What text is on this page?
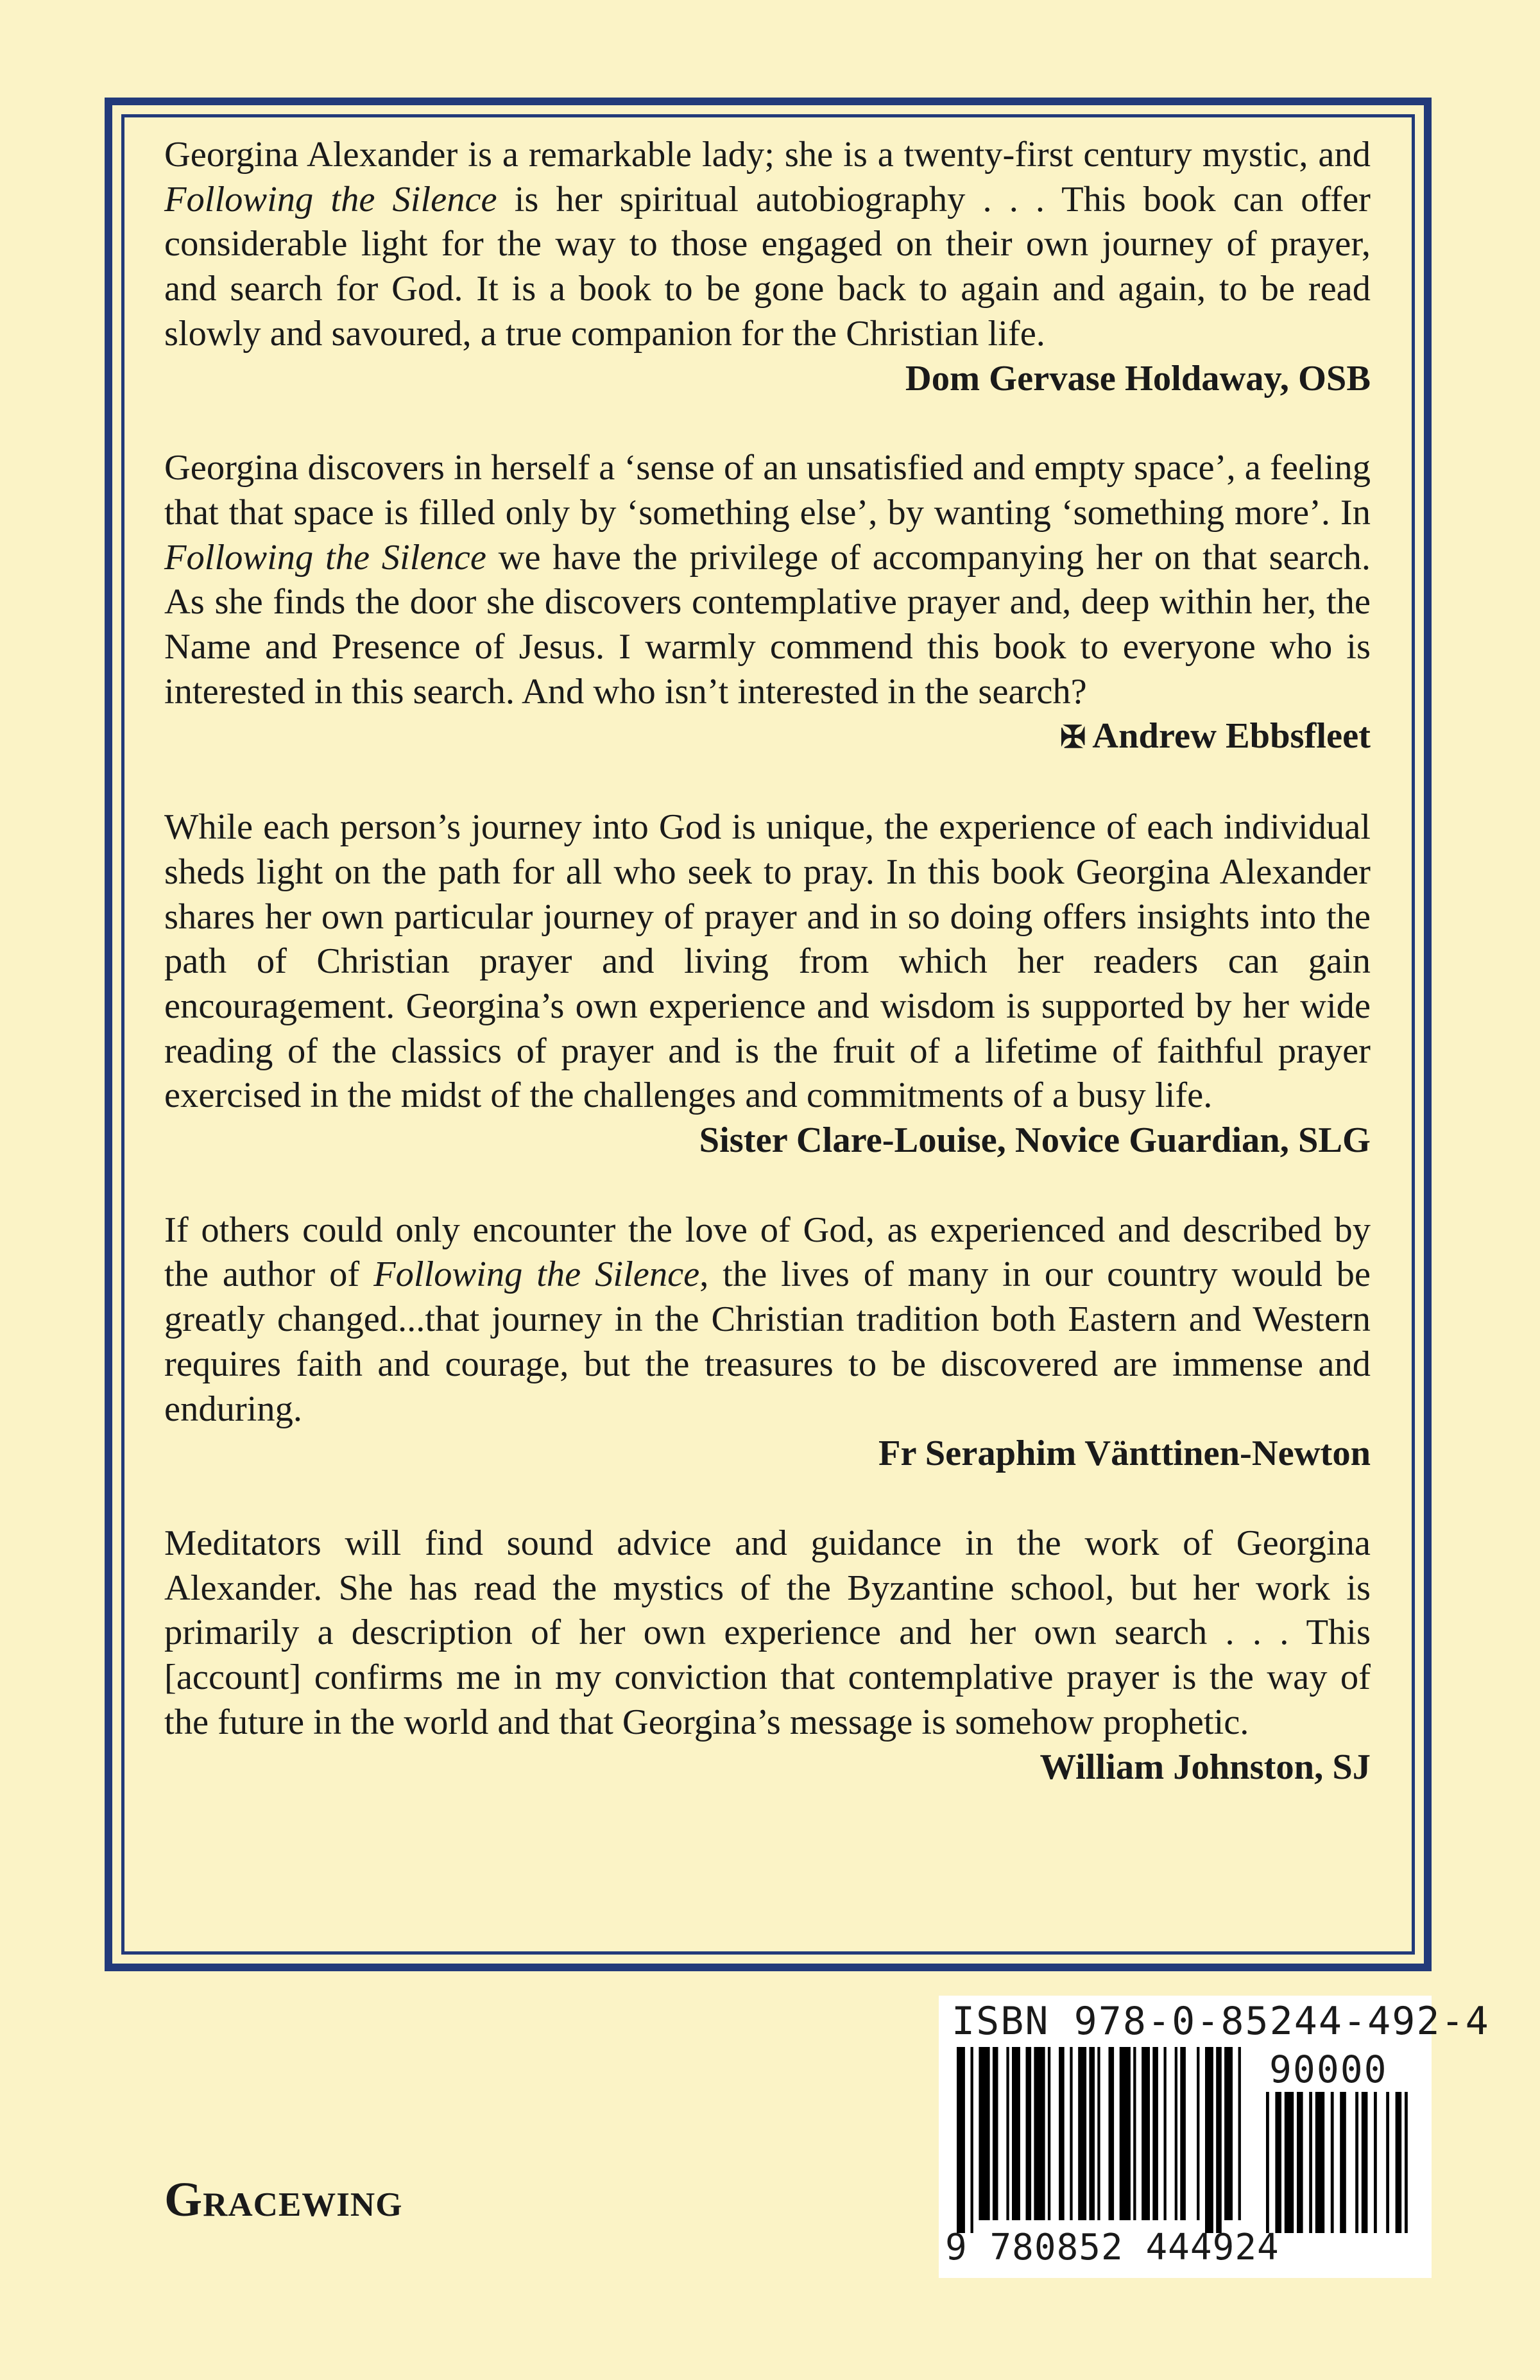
Georgina Alexander is a remarkable lady; she is a twenty-first century mystic, and Following the Silence is her spiritual autobiography . . . This book can offer considerable light for the way to those engaged on their own journey of prayer, and search for God. It is a book to be gone back to again and again, to be read slowly and savoured, a true companion for the Christian life.

Dom Gervase Holdaway, OSB

Georgina discovers in herself a ‘sense of an unsatisfied and empty space’, a feeling that that space is filled only by ‘something else’, by wanting ‘something more’. In Following the Silence we have the privilege of accompanying her on that search. As she finds the door she discovers contemplative prayer and, deep within her, the Name and Presence of Jesus. I warmly commend this book to everyone who is interested in this search. And who isn’t interested in the search?

✠ Andrew Ebbsfleet

While each person’s journey into God is unique, the experience of each individual sheds light on the path for all who seek to pray. In this book Georgina Alexander shares her own particular journey of prayer and in so doing offers insights into the path of Christian prayer and living from which her readers can gain encouragement. Georgina’s own experience and wisdom is supported by her wide reading of the classics of prayer and is the fruit of a lifetime of faithful prayer exercised in the midst of the challenges and commitments of a busy life.

Sister Clare-Louise, Novice Guardian, SLG

If others could only encounter the love of God, as experienced and described by the author of Following the Silence, the lives of many in our country would be greatly changed...that journey in the Christian tradition both Eastern and Western requires faith and courage, but the treasures to be discovered are immense and enduring.

Fr Seraphim Vänttinen-Newton

Meditators will find sound advice and guidance in the work of Georgina Alexander. She has read the mystics of the Byzantine school, but her work is primarily a description of her own experience and her own search . . . This [account] confirms me in my conviction that contemplative prayer is the way of the future in the world and that Georgina’s message is somehow prophetic.

William Johnston, SJ

Gracewing
ISBN 978-0-85244-492-4
90000
9 780852 444924
